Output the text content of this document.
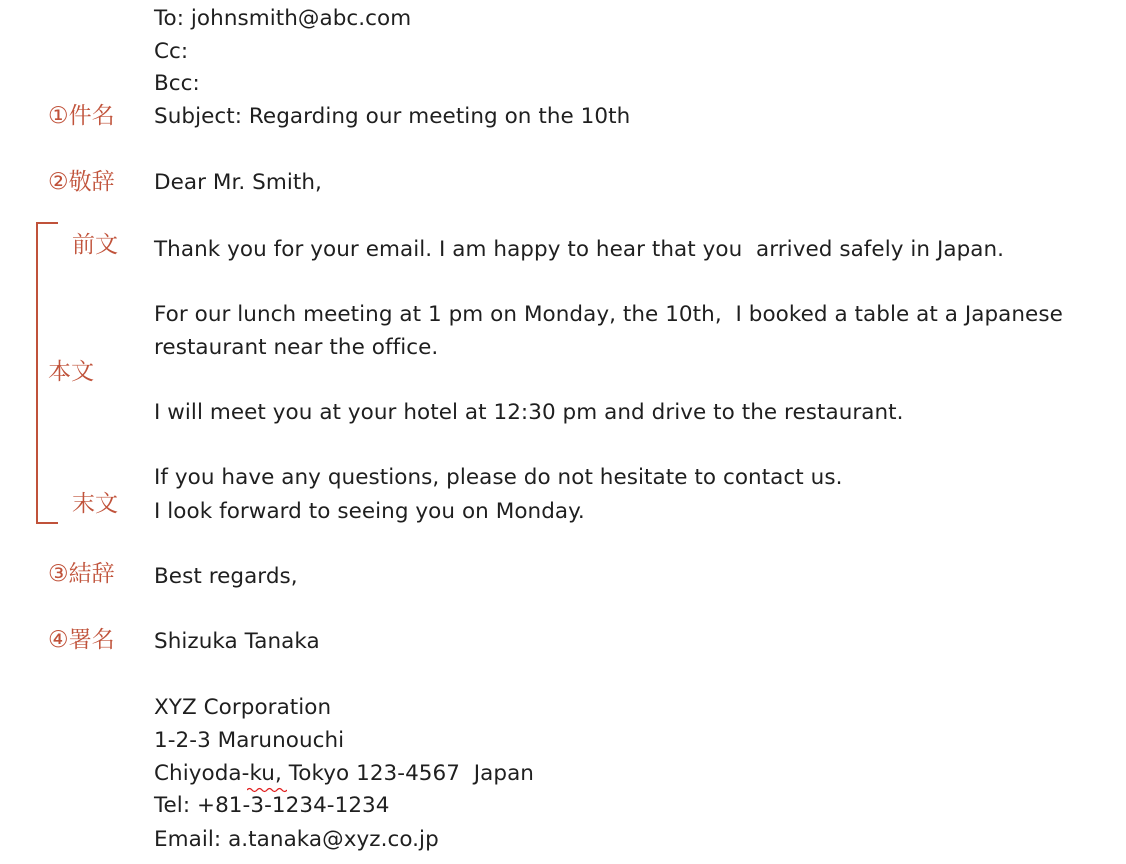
To: johnsmith@abc.com
Cc:
Bcc:
Subject: Regarding our meeting on the 10th
Dear Mr. Smith,
Thank you for your email. I am happy to hear that you  arrived safely in Japan.
For our lunch meeting at 1 pm on Monday, the 10th,  I booked a table at a Japanese
restaurant near the office.
I will meet you at your hotel at 12:30 pm and drive to the restaurant.
If you have any questions, please do not hesitate to contact us.
I look forward to seeing you on Monday.
Best regards,
Shizuka Tanaka
XYZ Corporation
1-2-3 Marunouchi
Chiyoda-ku, Tokyo 123-4567  Japan
Tel: +81-3-1234-1234
Email: a.tanaka@xyz.co.jp
①件名
②敬辞
前文
本文
末文
③結辞
④署名
